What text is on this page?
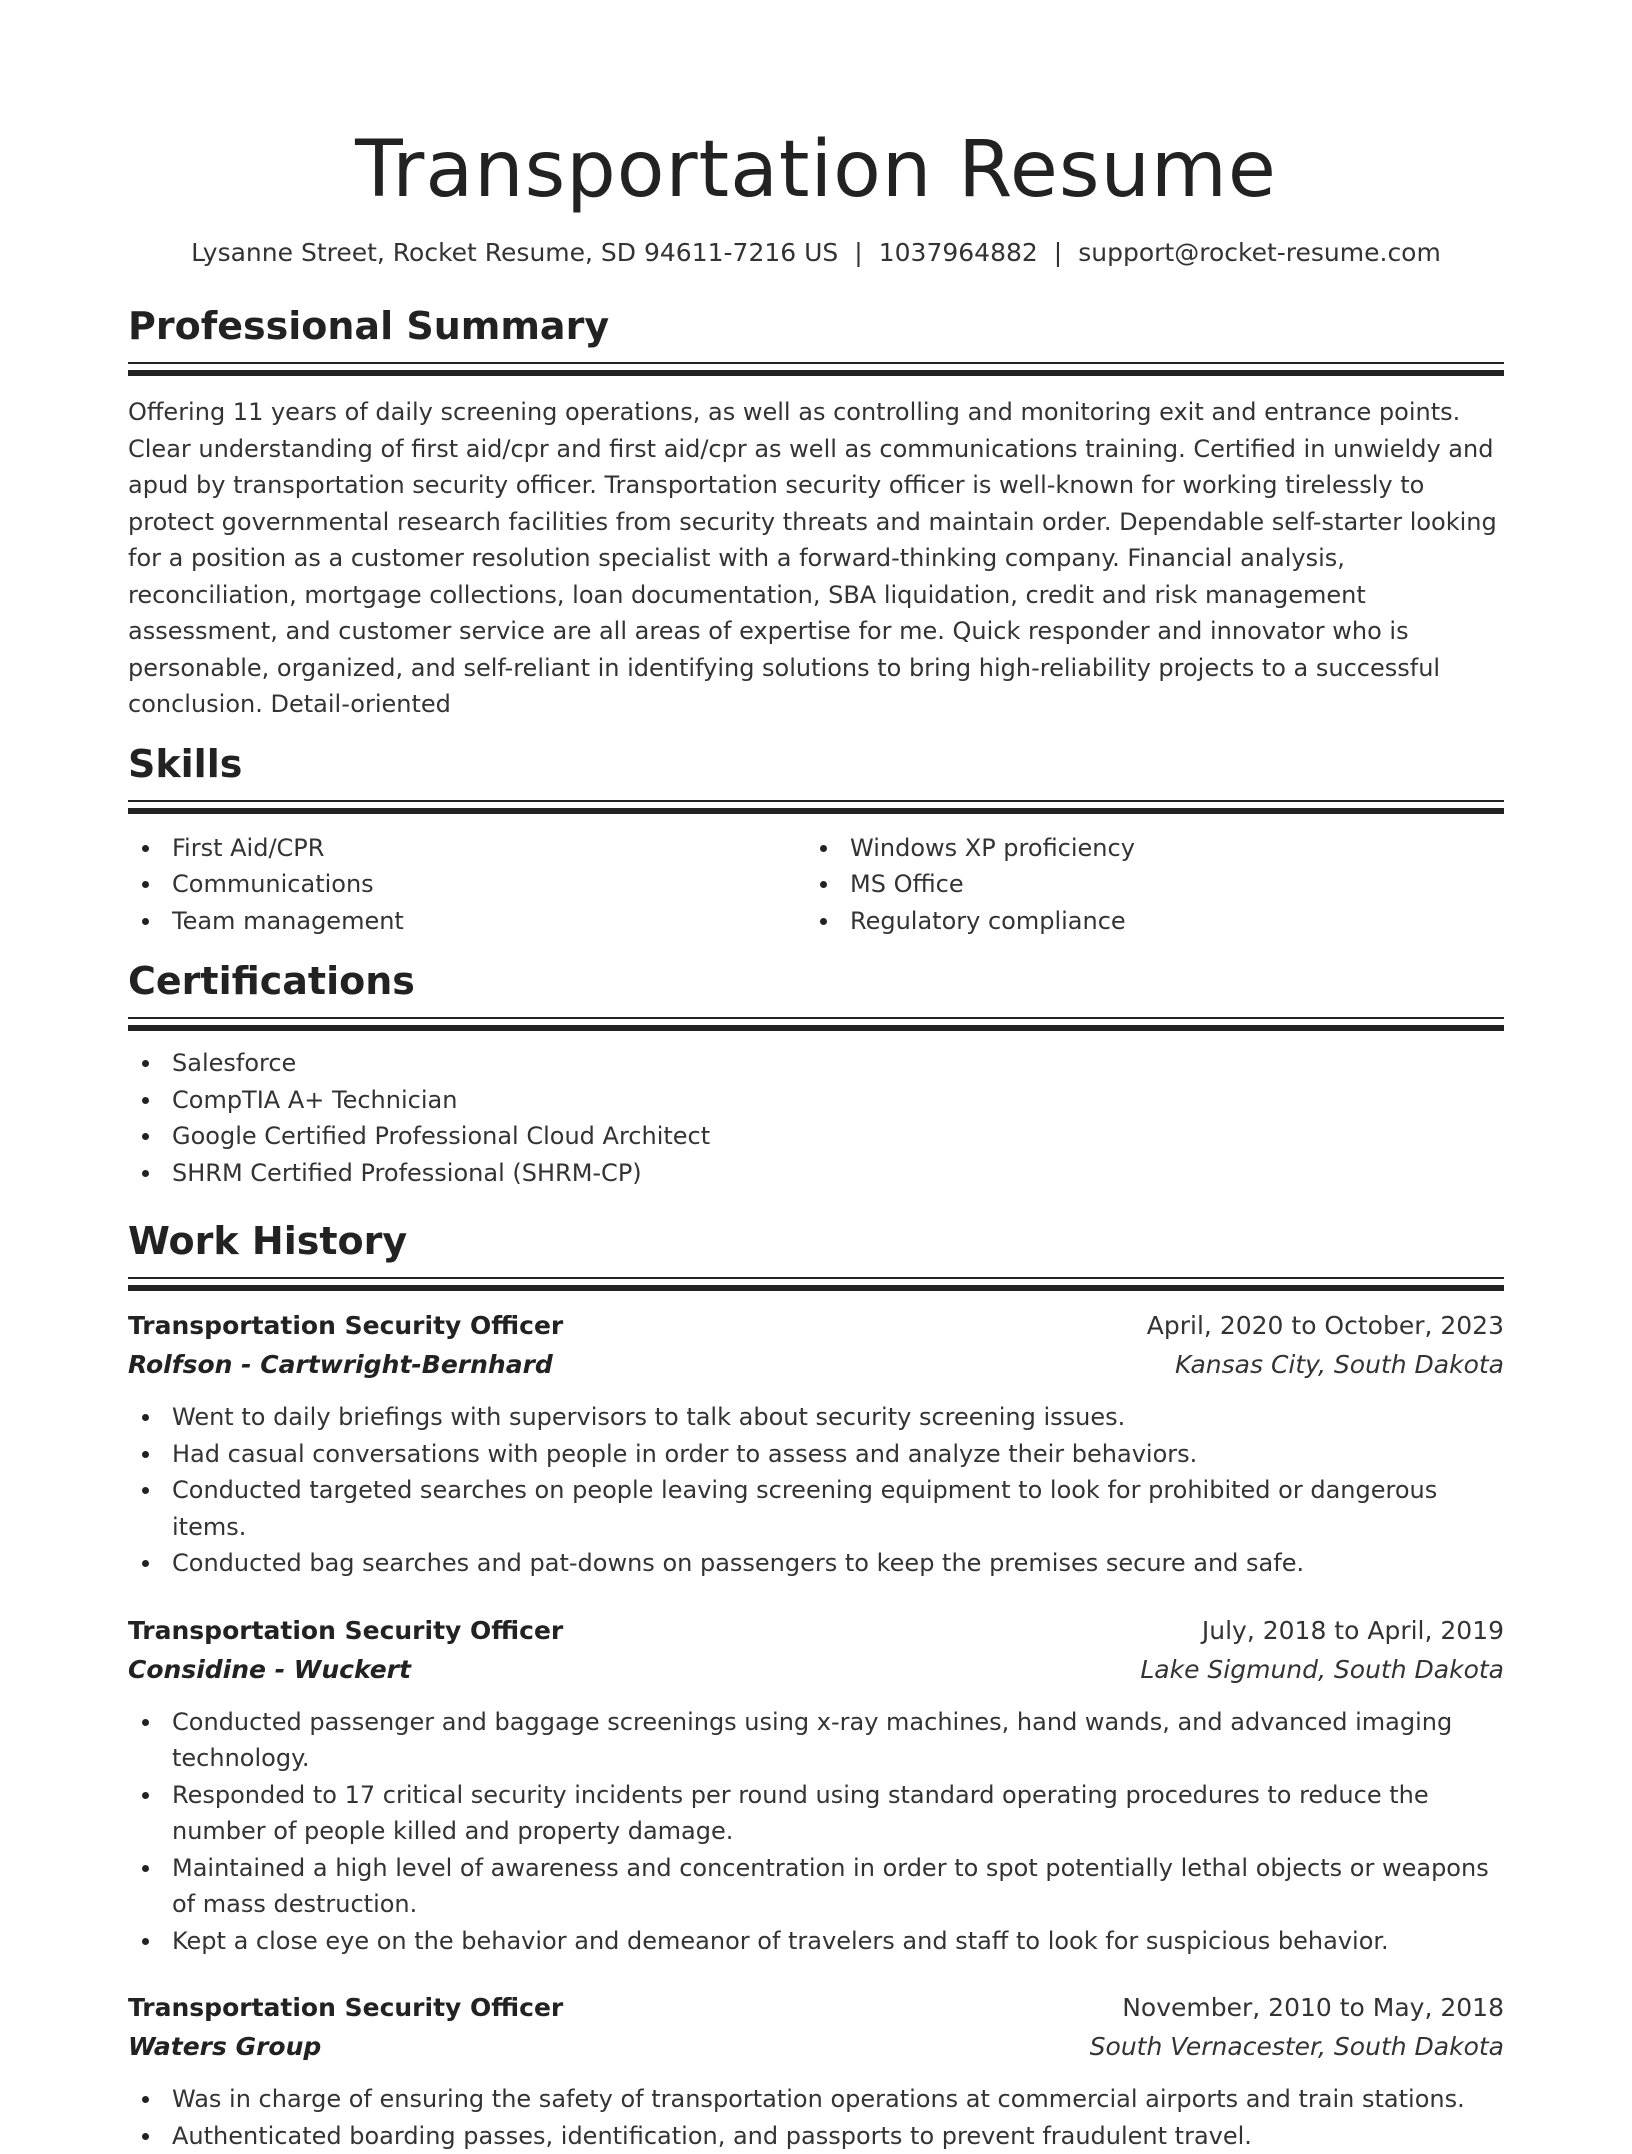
Transportation Resume
Lysanne Street, Rocket Resume, SD 94611-7216 US | 1037964882 | support@rocket-resume.com
Professional Summary

Offering 11 years of daily screening operations, as well as controlling and monitoring exit and entrance points. Clear understanding of first aid/cpr and first aid/cpr as well as communications training. Certified in unwieldy and apud by transportation security officer. Transportation security officer is well-known for working tirelessly to protect governmental research facilities from security threats and maintain order. Dependable self-starter looking for a position as a customer resolution specialist with a forward-thinking company. Financial analysis, reconciliation, mortgage collections, loan documentation, SBA liquidation, credit and risk management assessment, and customer service are all areas of expertise for me. Quick responder and innovator who is personable, organized, and self-reliant in identifying solutions to bring high-reliability projects to a successful conclusion. Detail-oriented

Skills
First Aid/CPR
Communications
Team management
Windows XP proficiency
MS Office
Regulatory compliance
Certifications
Salesforce
CompTIA A+ Technician
Google Certified Professional Cloud Architect
SHRM Certified Professional (SHRM-CP)
Work History
Transportation Security Officer	April, 2020 to October, 2023
Rolfson - Cartwright-Bernhard	Kansas City, South Dakota
Went to daily briefings with supervisors to talk about security screening issues.
Had casual conversations with people in order to assess and analyze their behaviors.
Conducted targeted searches on people leaving screening equipment to look for prohibited or dangerous items.
Conducted bag searches and pat-downs on passengers to keep the premises secure and safe.
Transportation Security Officer	July, 2018 to April, 2019
Considine - Wuckert	Lake Sigmund, South Dakota
Conducted passenger and baggage screenings using x-ray machines, hand wands, and advanced imaging technology.
Responded to 17 critical security incidents per round using standard operating procedures to reduce the number of people killed and property damage.
Maintained a high level of awareness and concentration in order to spot potentially lethal objects or weapons of mass destruction.
Kept a close eye on the behavior and demeanor of travelers and staff to look for suspicious behavior.
Transportation Security Officer	November, 2010 to May, 2018
Waters Group	South Vernacester, South Dakota
Was in charge of ensuring the safety of transportation operations at commercial airports and train stations.
Authenticated boarding passes, identification, and passports to prevent fraudulent travel.
